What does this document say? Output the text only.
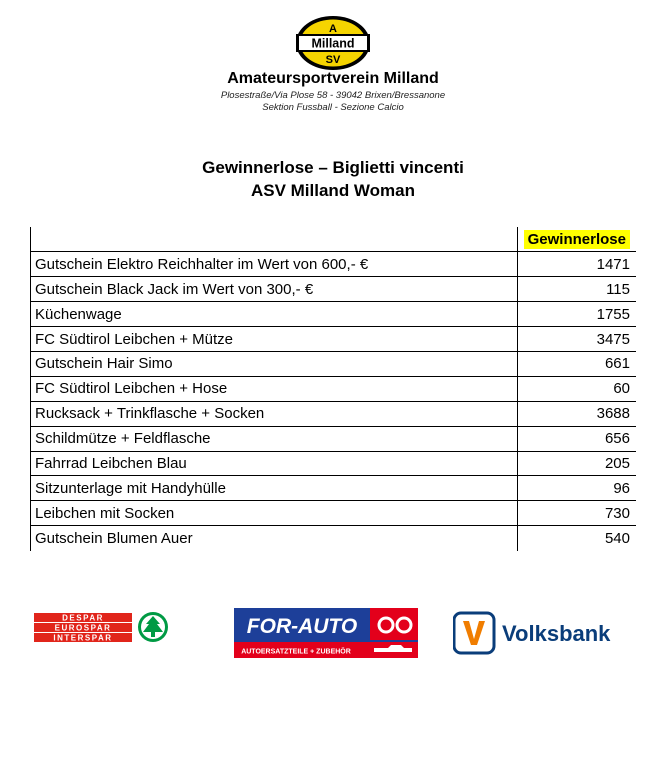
A
Milland
SV
Amateursportverein Milland
Plosestraße/Via Plose 58 - 39042 Brixen/Bressanone
Sektion Fussball - Sezione Calcio
Gewinnerlose – Biglietti vincenti
ASV Milland Woman
	Gewinnerlose
Gutschein Elektro Reichhalter im Wert von 600,- €	1471
Gutschein Black Jack im Wert von 300,- €	115
Küchenwage	1755
FC Südtirol Leibchen + Mütze	3475
Gutschein Hair Simo	661
FC Südtirol Leibchen + Hose	60
Rucksack + Trinkflasche + Socken	3688
Schildmütze + Feldflasche	656
Fahrrad Leibchen Blau	205
Sitzunterlage mit Handyhülle	96
Leibchen mit Socken	730
Gutschein Blumen Auer	540
DESPAR
EUROSPAR
INTERSPAR	FOR-AUTO
AUTOERSATZTEILE + ZUBEHÖR
V Volksbank
